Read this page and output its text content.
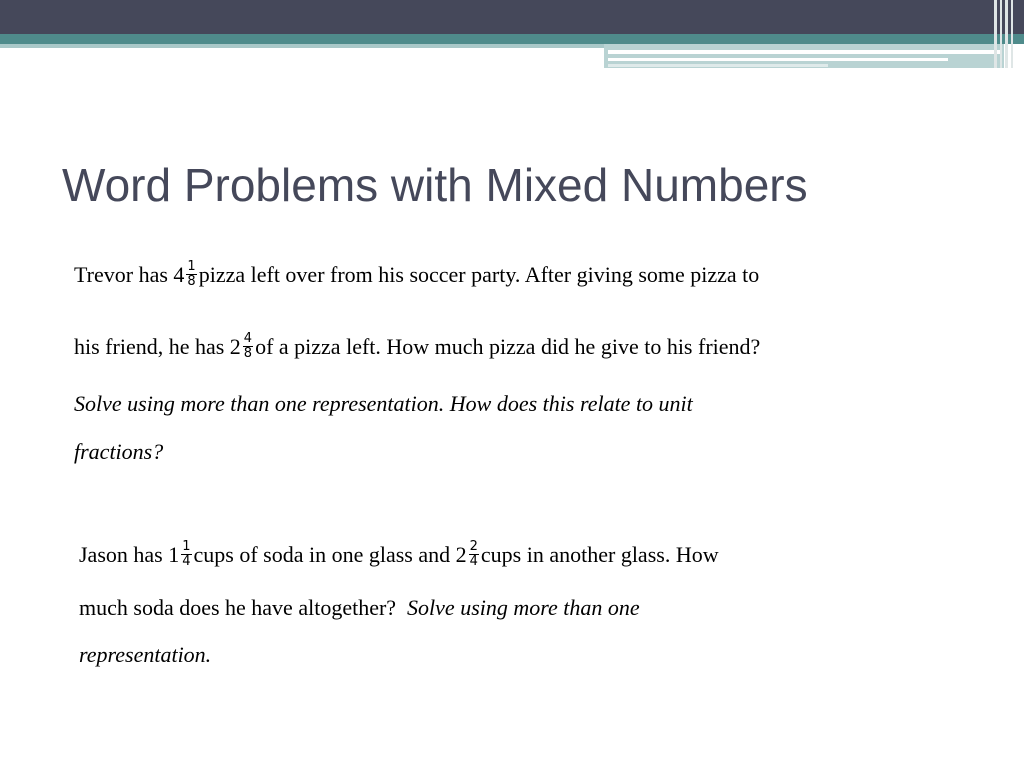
Word Problems with Mixed Numbers
Trevor has $4 \frac{1}{8}$ pizza left over from his soccer party. After giving some pizza to
his friend, he has $2 \frac{4}{8}$ of a pizza left. How much pizza did he give to his friend?
Solve using more than one representation. How does this relate to unit
fractions?
Jason has $1 \frac{1}{4}$ cups of soda in one glass and $2 \frac{2}{4}$ cups in another glass. How
much soda does he have altogether?  Solve using more than one
representation.
